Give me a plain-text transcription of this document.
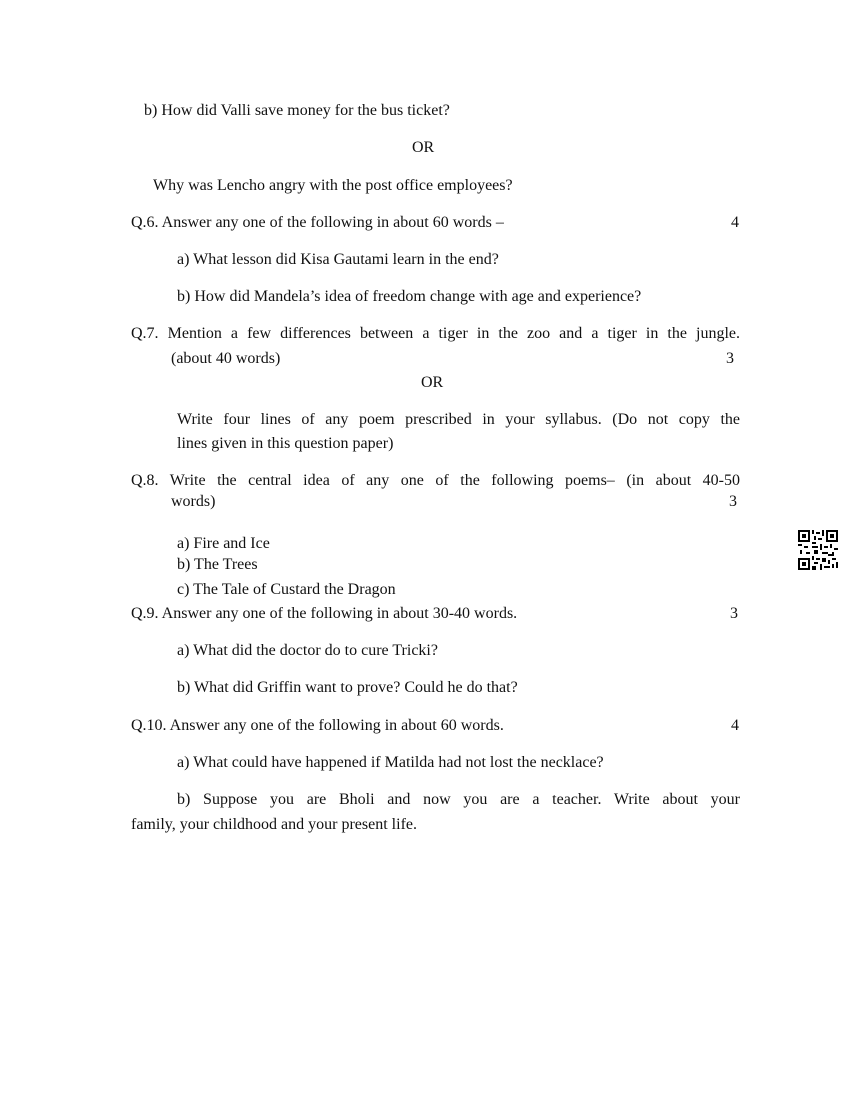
b) How did Valli save money for the bus ticket?
OR
Why was Lencho angry with the post office employees?
Q.6. Answer any one of the following in about 60 words –	4
a) What lesson did Kisa Gautami learn in the end?
b) How did Mandela’s idea of freedom change with age and experience?
Q.7. Mention a few differences between a tiger in the zoo and a tiger in the jungle.
(about 40 words)	3
OR
Write four lines of any poem prescribed in your syllabus. (Do not copy the
lines given in this question paper)
Q.8. Write the central idea of any one of the following poems– (in about 40-50
words)	3
a) Fire and Ice
b) The Trees
c) The Tale of Custard the Dragon
Q.9. Answer any one of the following in about 30-40 words.	3
a) What did the doctor do to cure Tricki?
b) What did Griffin want to prove? Could he do that?
Q.10. Answer any one of the following in about 60 words.	4
a) What could have happened if Matilda had not lost the necklace?
b) Suppose you are Bholi and now you are a teacher. Write about your
family, your childhood and your present life.
